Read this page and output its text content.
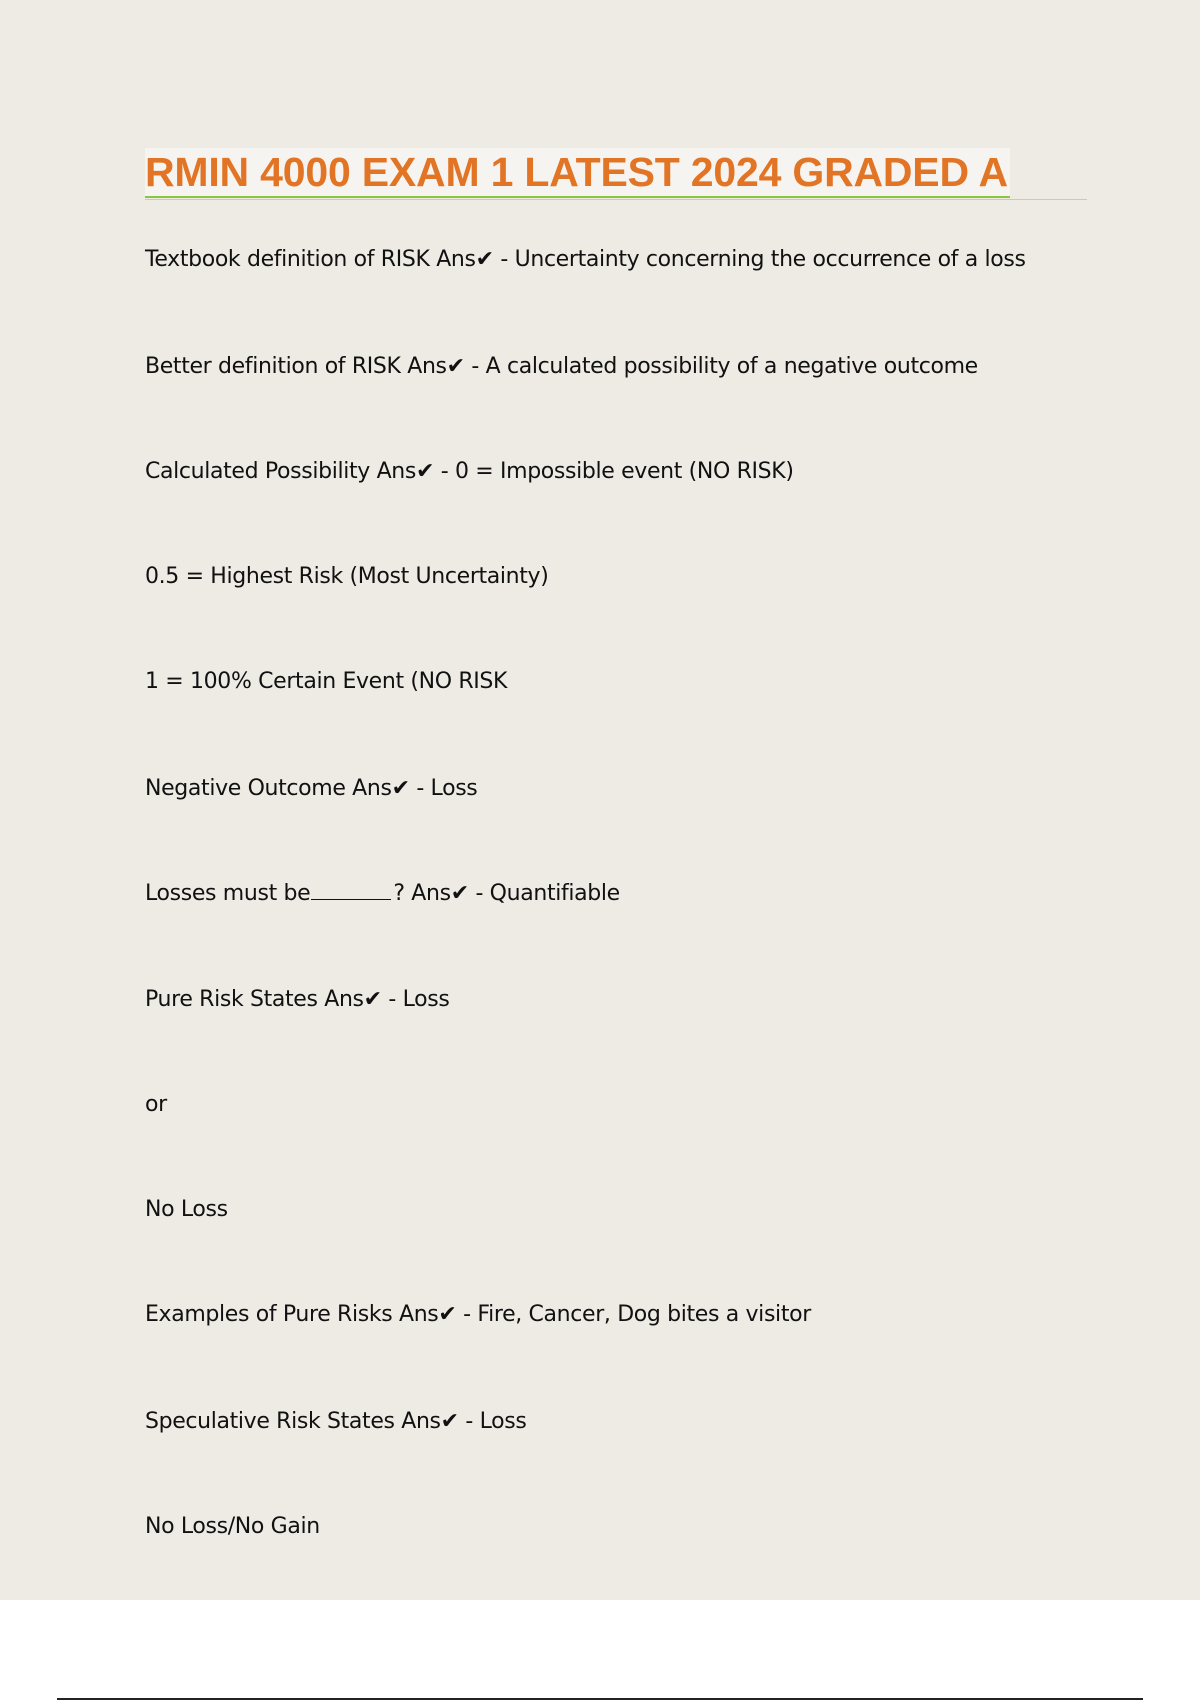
RMIN 4000 EXAM 1 LATEST 2024 GRADED A
Textbook definition of RISK Ans✔ - Uncertainty concerning the occurrence of a loss
Better definition of RISK Ans✔ - A calculated possibility of a negative outcome
Calculated Possibility Ans✔ - 0 = Impossible event (NO RISK)
0.5 = Highest Risk (Most Uncertainty)
1 = 100% Certain Event (NO RISK
Negative Outcome Ans✔ - Loss
Losses must be	? Ans✔ - Quantifiable
Pure Risk States Ans✔ - Loss
or
No Loss
Examples of Pure Risks Ans✔ - Fire, Cancer, Dog bites a visitor
Speculative Risk States Ans✔ - Loss
No Loss/No Gain
